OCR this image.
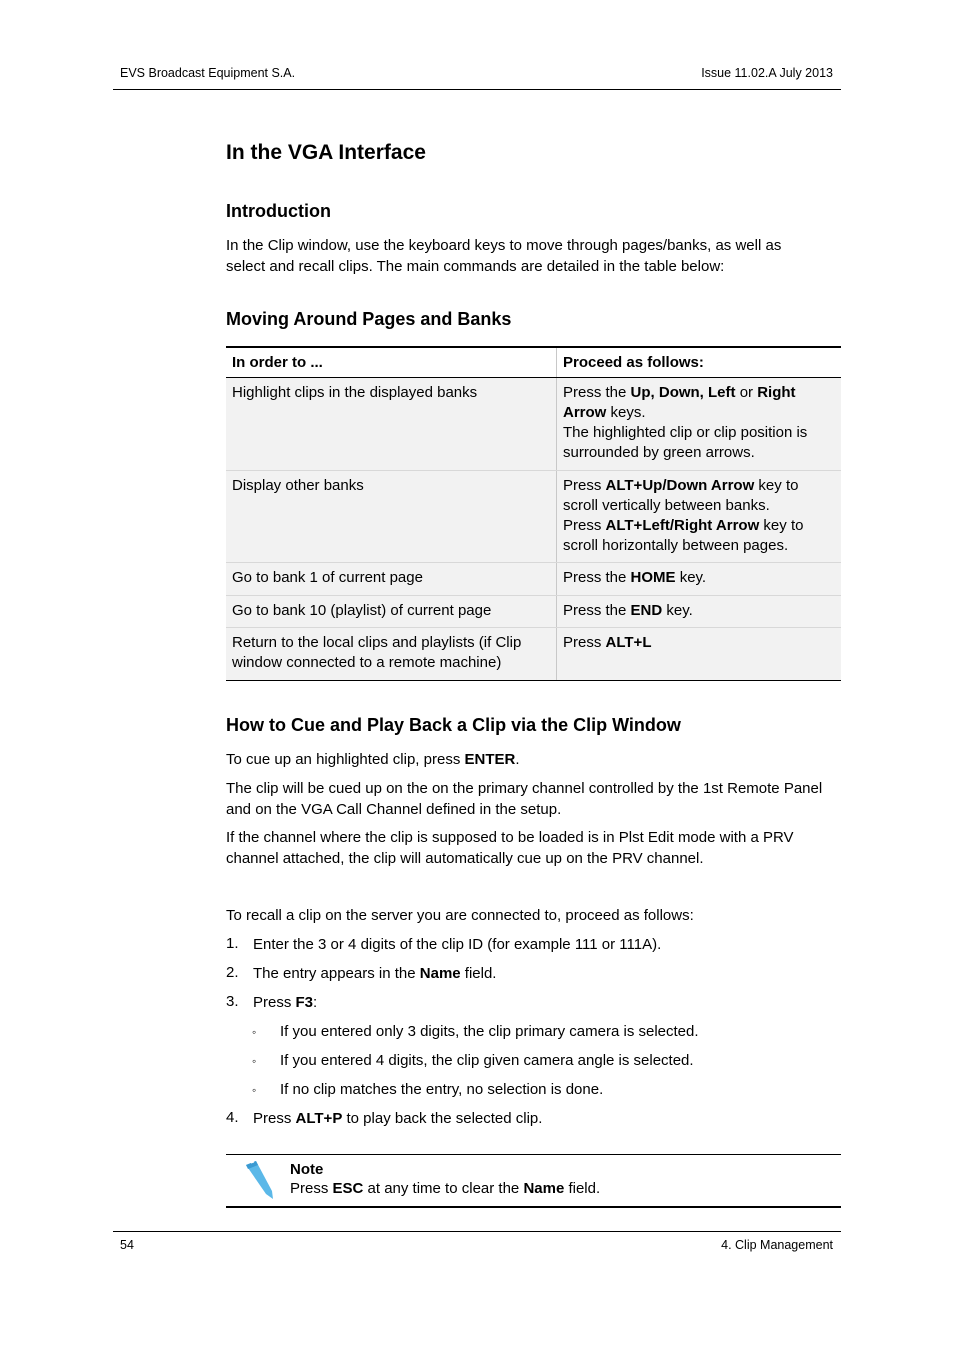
EVS Broadcast Equipment S.A.	Issue 11.02.A July 2013
In the VGA Interface
Introduction

In the Clip window, use the keyboard keys to move through pages/banks, as well as
select and recall clips. The main commands are detailed in the table below:

Moving Around Pages and Banks
In order to ...	Proceed as follows:
Highlight clips in the displayed banks	Press the Up, Down, Left or Right Arrow keys.
The highlighted clip or clip position is surrounded by green arrows.
Display other banks	Press ALT+Up/Down Arrow key to scroll vertically between banks.
Press ALT+Left/Right Arrow key to scroll horizontally between pages.
Go to bank 1 of current page	Press the HOME key.
Go to bank 10 (playlist) of current page	Press the END key.
Return to the local clips and playlists (if Clip window connected to a remote machine)	Press ALT+L
How to Cue and Play Back a Clip via the Clip Window

To cue up an highlighted clip, press ENTER.

The clip will be cued up on the on the primary channel controlled by the 1st Remote Panel
and on the VGA Call Channel defined in the setup.

If the channel where the clip is supposed to be loaded is in Plst Edit mode with a PRV
channel attached, the clip will automatically cue up on the PRV channel.

To recall a clip on the server you are connected to, proceed as follows:

1. Enter the 3 or 4 digits of the clip ID (for example 111 or 111A).
2. The entry appears in the Name field.
3. Press F3:
◦ If you entered only 3 digits, the clip primary camera is selected.
◦ If you entered 4 digits, the clip given camera angle is selected.
◦ If no clip matches the entry, no selection is done.
4. Press ALT+P to play back the selected clip.
Note
Press ESC at any time to clear the Name field.
54	4. Clip Management
